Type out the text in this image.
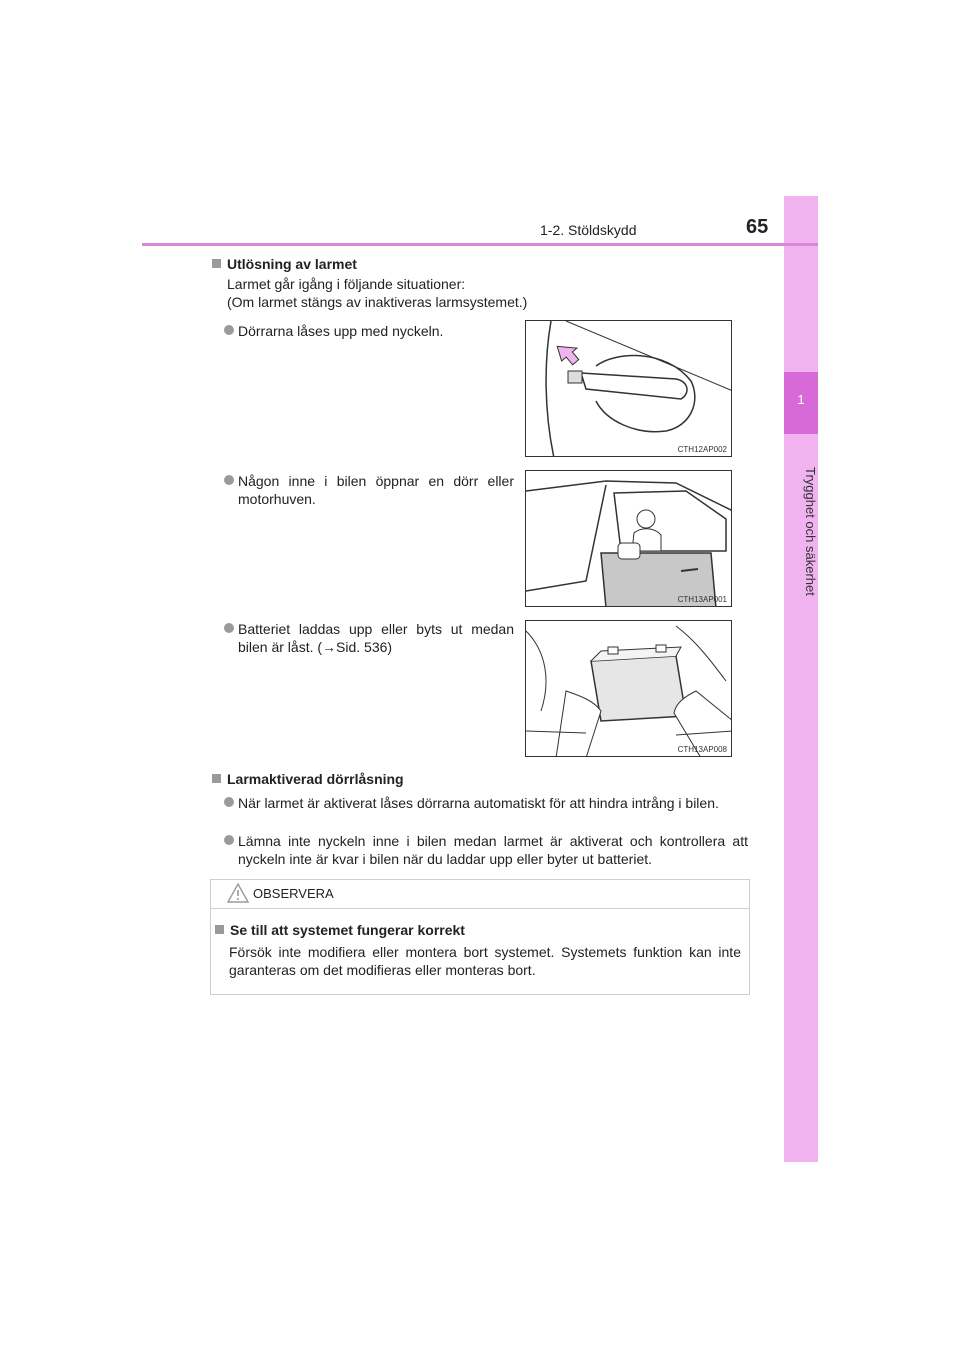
1
Trygghet och säkerhet
1-2. Stöldskydd	65
Utlösning av larmet
Larmet går igång i följande situationer:
(Om larmet stängs av inaktiveras larmsystemet.)
Dörrarna låses upp med nyckeln.
Någon inne i bilen öppnar en dörr eller motorhuven.
Batteriet laddas upp eller byts ut medan bilen är låst. (→Sid. 536)
CTH12AP002
CTH13AP001
CTH13AP008
Larmaktiverad dörrlåsning
När larmet är aktiverat låses dörrarna automatiskt för att hindra intrång i bilen.
Lämna inte nyckeln inne i bilen medan larmet är aktiverat och kontrollera att nyckeln inte är kvar i bilen när du laddar upp eller byter ut batteriet.
OBSERVERA
Se till att systemet fungerar korrekt
Försök inte modifiera eller montera bort systemet. Systemets funktion kan inte garanteras om det modifieras eller monteras bort.
